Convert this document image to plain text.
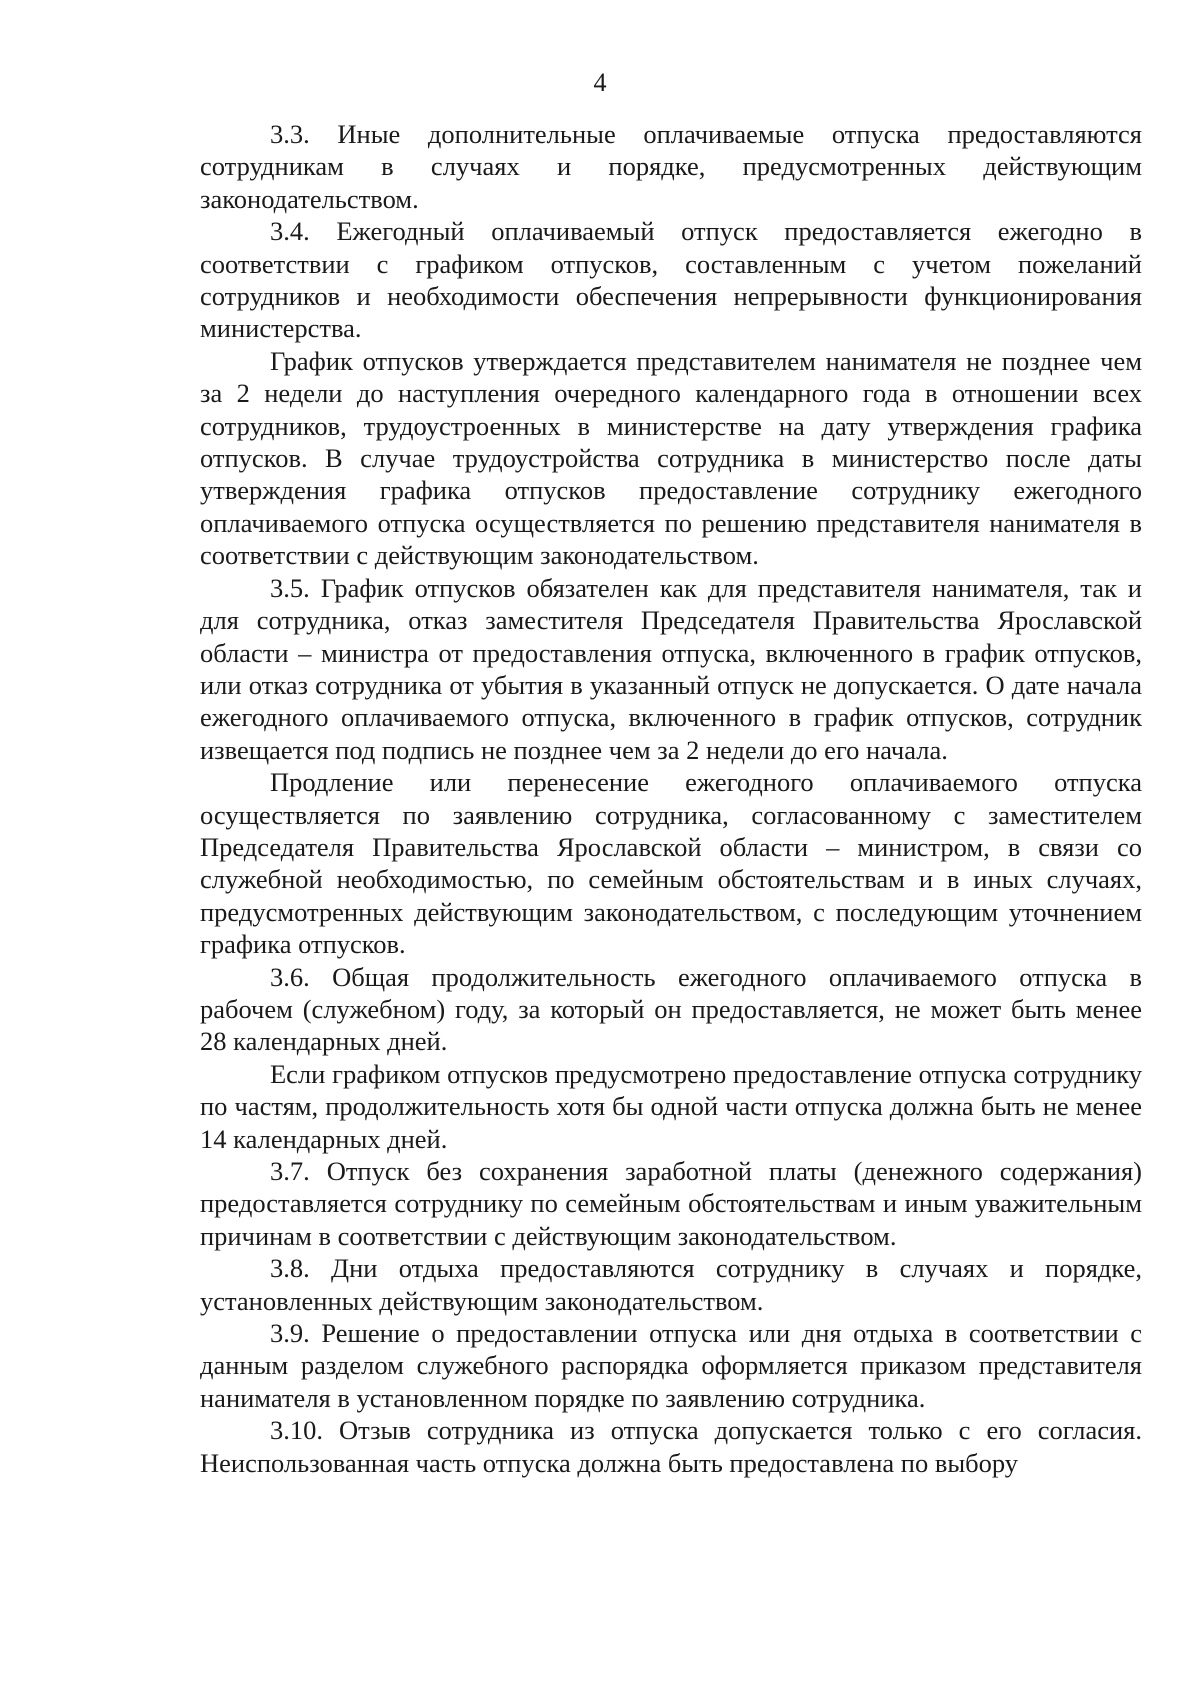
4

3.3. Иные дополнительные оплачиваемые отпуска предоставляются сотрудникам в случаях и порядке, предусмотренных действующим законодательством.

3.4. Ежегодный оплачиваемый отпуск предоставляется ежегодно в соответствии с графиком отпусков, составленным с учетом пожеланий сотрудников и необходимости обеспечения непрерывности функционирования министерства.

График отпусков утверждается представителем нанимателя не позднее чем за 2 недели до наступления очередного календарного года в отношении всех сотрудников, трудоустроенных в министерстве на дату утверждения графика отпусков. В случае трудоустройства сотрудника в министерство после даты утверждения графика отпусков предоставление сотруднику ежегодного оплачиваемого отпуска осуществляется по решению представителя нанимателя в соответствии с действующим законодательством.

3.5. График отпусков обязателен как для представителя нанимателя, так и для сотрудника, отказ заместителя Председателя Правительства Ярославской области – министра от предоставления отпуска, включенного в график отпусков, или отказ сотрудника от убытия в указанный отпуск не допускается. О дате начала ежегодного оплачиваемого отпуска, включенного в график отпусков, сотрудник извещается под подпись не позднее чем за 2 недели до его начала.

Продление или перенесение ежегодного оплачиваемого отпуска осуществляется по заявлению сотрудника, согласованному с заместителем Председателя Правительства Ярославской области – министром, в связи со служебной необходимостью, по семейным обстоятельствам и в иных случаях, предусмотренных действующим законодательством, с последующим уточнением графика отпусков.

3.6. Общая продолжительность ежегодного оплачиваемого отпуска в рабочем (служебном) году, за который он предоставляется, не может быть менее 28 календарных дней.

Если графиком отпусков предусмотрено предоставление отпуска сотруднику по частям, продолжительность хотя бы одной части отпуска должна быть не менее 14 календарных дней.

3.7. Отпуск без сохранения заработной платы (денежного содержания) предоставляется сотруднику по семейным обстоятельствам и иным уважительным причинам в соответствии с действующим законодательством.

3.8. Дни отдыха предоставляются сотруднику в случаях и порядке, установленных действующим законодательством.

3.9. Решение о предоставлении отпуска или дня отдыха в соответствии с данным разделом служебного распорядка оформляется приказом представителя нанимателя в установленном порядке по заявлению сотрудника.

3.10. Отзыв сотрудника из отпуска допускается только с его согласия. Неиспользованная часть отпуска должна быть предоставлена по выбору
